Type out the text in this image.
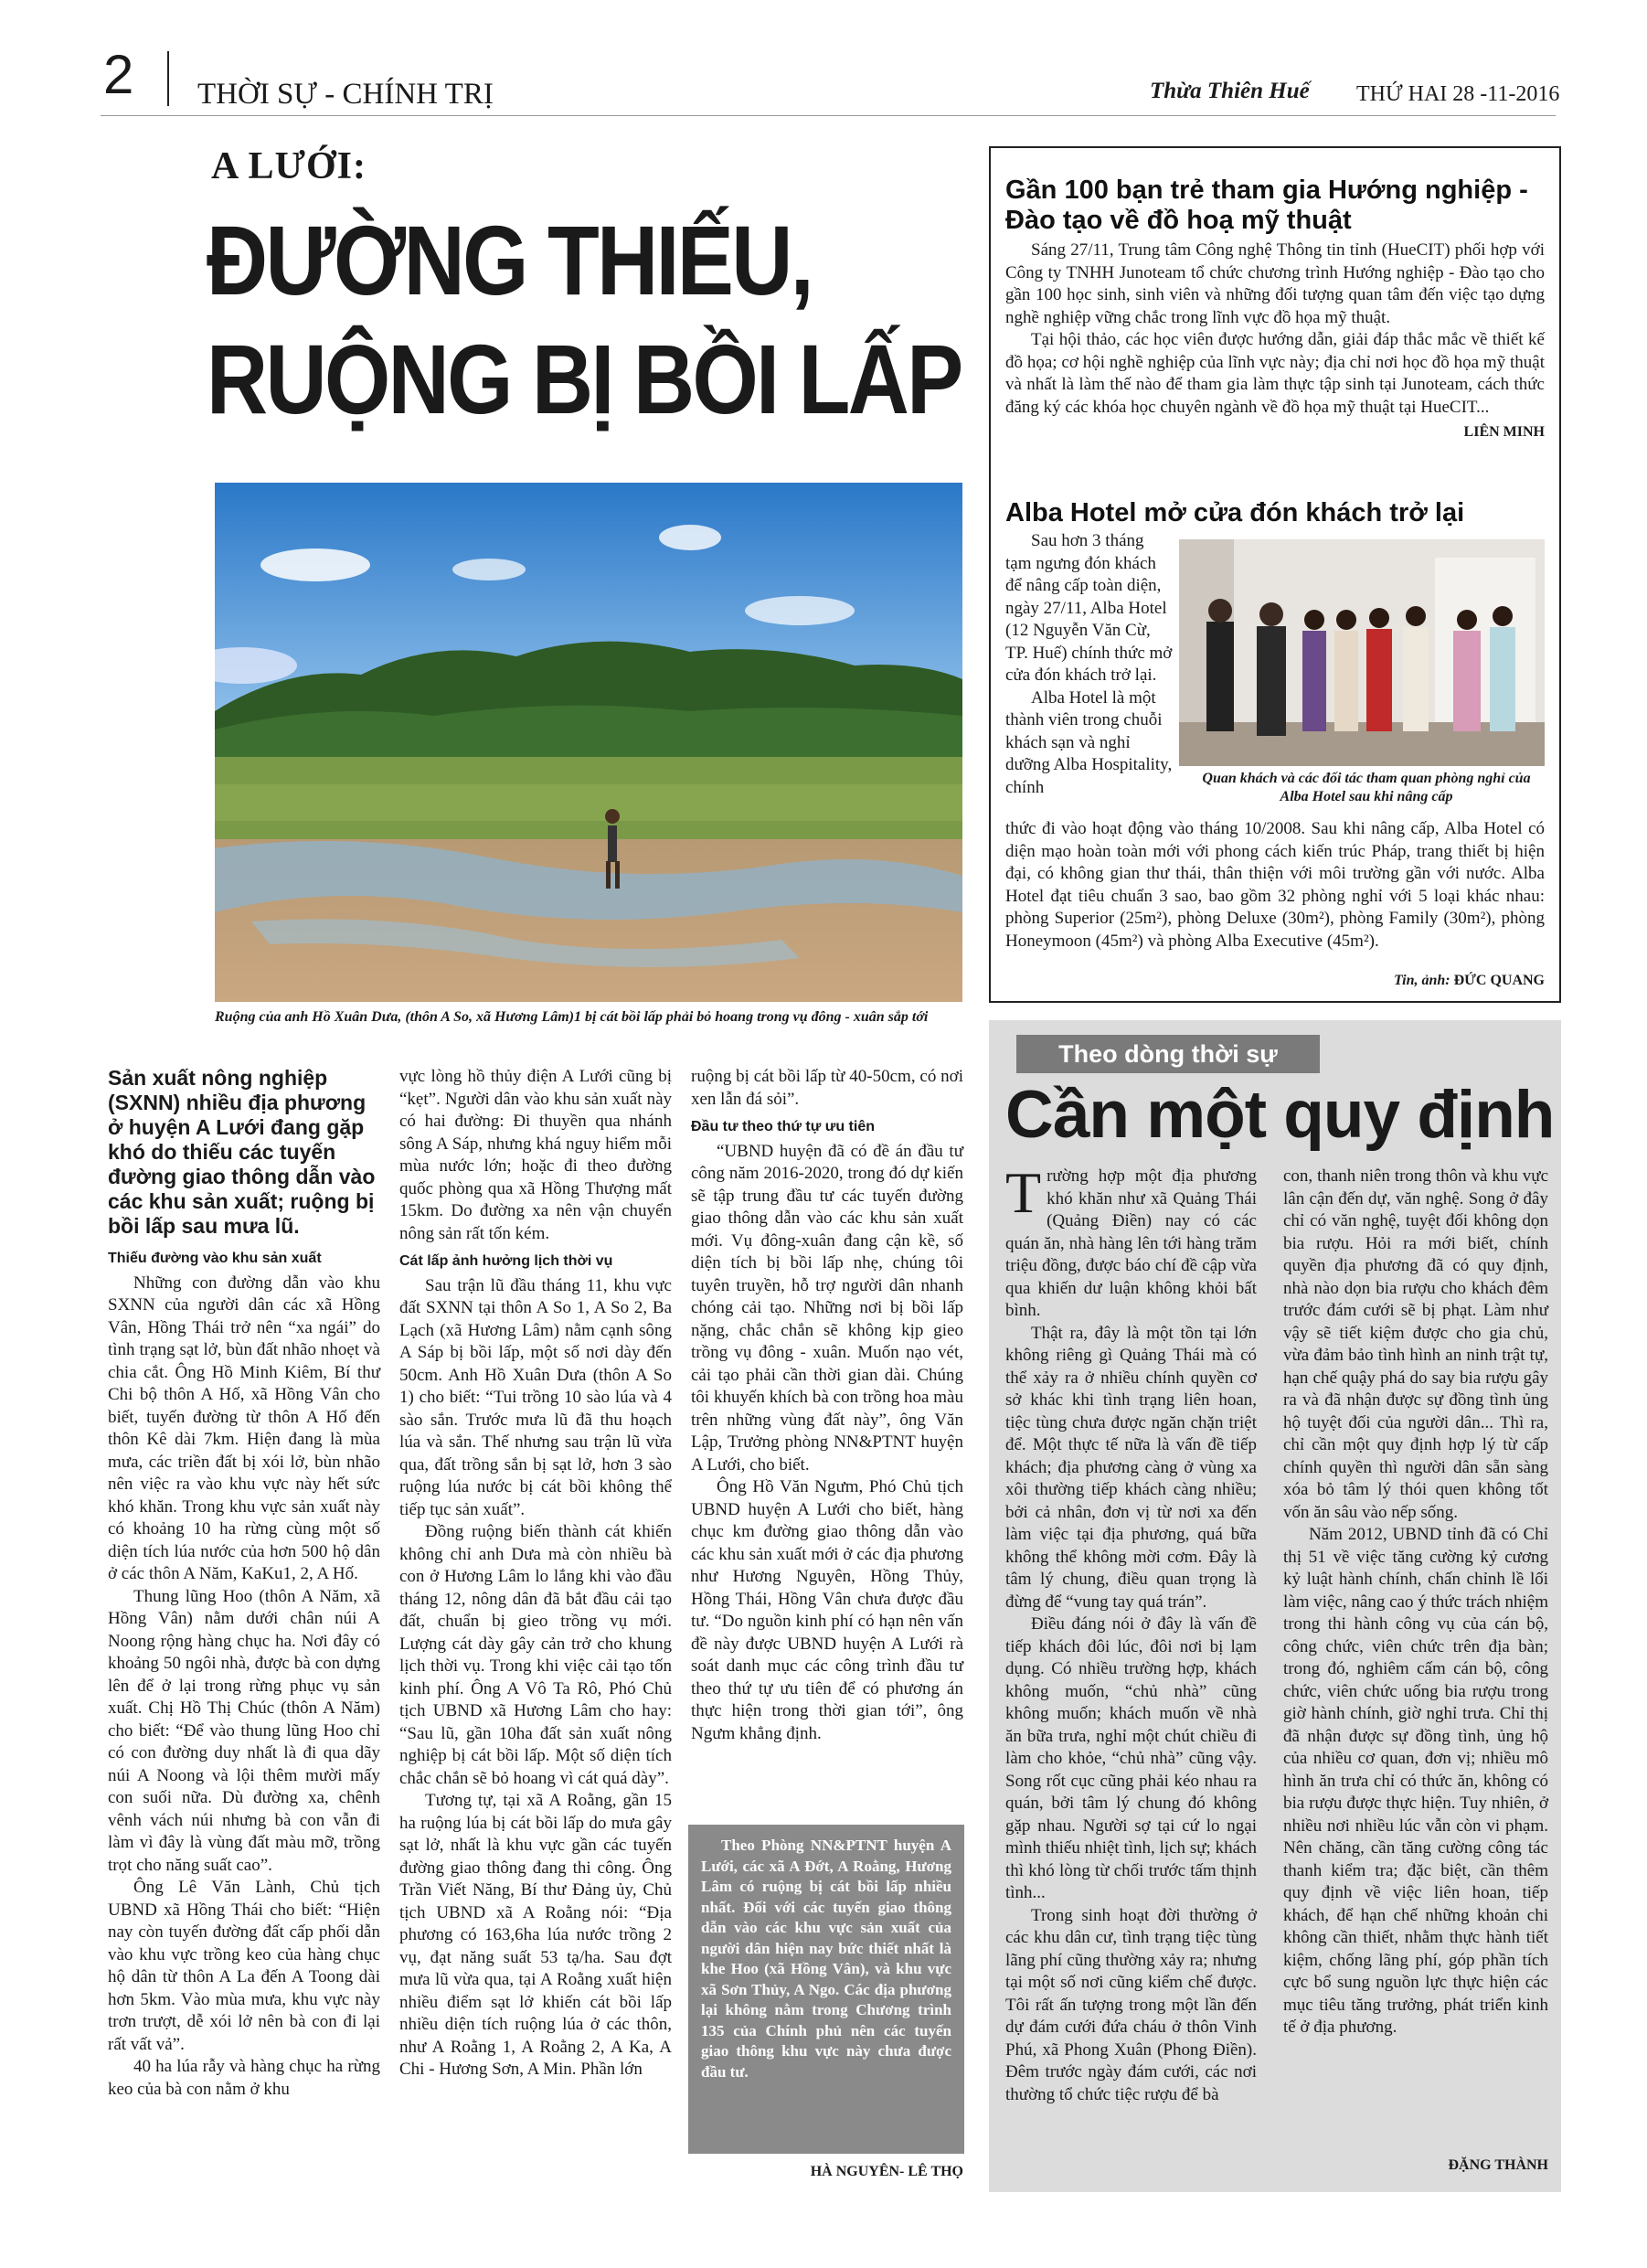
2 THỜI SỰ - CHÍNH TRỊ	Thừa Thiên Huế THỨ HAI 28 -11-2016
A LƯỚI:
ĐƯỜNG THIẾU,
RUỘNG BỊ BỒI LẤP
Ruộng của anh Hồ Xuân Dưa, (thôn A So, xã Hương Lâm)1 bị cát bồi lấp phải bỏ hoang trong vụ đông - xuân sắp tới
Sản xuất nông nghiệp (SXNN) nhiều địa phương ở huyện A Lưới đang gặp khó do thiếu các tuyến đường giao thông dẫn vào các khu sản xuất; ruộng bị bồi lấp sau mưa lũ.
Thiếu đường vào khu sản xuất

Những con đường dẫn vào khu SXNN của người dân các xã Hồng Vân, Hồng Thái trở nên “xa ngái” do tình trạng sạt lở, bùn đất nhão nhoẹt và chia cắt. Ông Hồ Minh Kiêm, Bí thư Chi bộ thôn A Hố, xã Hồng Vân cho biết, tuyến đường từ thôn A Hố đến thôn Kê dài 7km. Hiện đang là mùa mưa, các triền đất bị xói lở, bùn nhão nên việc ra vào khu vực này hết sức khó khăn. Trong khu vực sản xuất này có khoảng 10 ha rừng cùng một số diện tích lúa nước của hơn 500 hộ dân ở các thôn A Năm, KaKu1, 2, A Hố.

Thung lũng Hoo (thôn A Năm, xã Hồng Vân) nằm dưới chân núi A Noong rộng hàng chục ha. Nơi đây có khoảng 50 ngôi nhà, được bà con dựng lên để ở lại trong rừng phục vụ sản xuất. Chị Hồ Thị Chúc (thôn A Năm) cho biết: “Để vào thung lũng Hoo chỉ có con đường duy nhất là đi qua dãy núi A Noong và lội thêm mười mấy con suối nữa. Dù đường xa, chênh vênh vách núi nhưng bà con vẫn đi làm vì đây là vùng đất màu mỡ, trồng trọt cho năng suất cao”.

Ông Lê Văn Lành, Chủ tịch UBND xã Hồng Thái cho biết: “Hiện nay còn tuyến đường đất cấp phối dẫn vào khu vực trồng keo của hàng chục hộ dân từ thôn A La đến A Toong dài hơn 5km. Vào mùa mưa, khu vực này trơn trượt, dễ xói lở nên bà con đi lại rất vất vả”.

40 ha lúa rẫy và hàng chục ha rừng keo của bà con nằm ở khu

vực lòng hồ thủy điện A Lưới cũng bị “kẹt”. Người dân vào khu sản xuất này có hai đường: Đi thuyền qua nhánh sông A Sáp, nhưng khá nguy hiểm mỗi mùa nước lớn; hoặc đi theo đường quốc phòng qua xã Hồng Thượng mất 15km. Do đường xa nên vận chuyển nông sản rất tốn kém.

Cát lấp ảnh hưởng lịch thời vụ

Sau trận lũ đầu tháng 11, khu vực đất SXNN tại thôn A So 1, A So 2, Ba Lạch (xã Hương Lâm) nằm cạnh sông A Sáp bị bồi lấp, một số nơi dày đến 50cm. Anh Hồ Xuân Dưa (thôn A So 1) cho biết: “Tui trồng 10 sào lúa và 4 sào sắn. Trước mưa lũ đã thu hoạch lúa và sắn. Thế nhưng sau trận lũ vừa qua, đất trồng sắn bị sạt lở, hơn 3 sào ruộng lúa nước bị cát bồi không thể tiếp tục sản xuất”.

Đồng ruộng biến thành cát khiến không chỉ anh Dưa mà còn nhiều bà con ở Hương Lâm lo lắng khi vào đầu tháng 12, nông dân đã bắt đầu cải tạo đất, chuẩn bị gieo trồng vụ mới. Lượng cát dày gây cản trở cho khung lịch thời vụ. Trong khi việc cải tạo tốn kinh phí. Ông A Vô Ta Rô, Phó Chủ tịch UBND xã Hương Lâm cho hay: “Sau lũ, gần 10ha đất sản xuất nông nghiệp bị cát bồi lấp. Một số diện tích chắc chắn sẽ bỏ hoang vì cát quá dày”.

Tương tự, tại xã A Roằng, gần 15 ha ruộng lúa bị cát bồi lấp do mưa gây sạt lở, nhất là khu vực gần các tuyến đường giao thông đang thi công. Ông Trần Viết Năng, Bí thư Đảng ủy, Chủ tịch UBND xã A Roằng nói: “Địa phương có 163,6ha lúa nước trồng 2 vụ, đạt năng suất 53 tạ/ha. Sau đợt mưa lũ vừa qua, tại A Roằng xuất hiện nhiều điểm sạt lở khiến cát bồi lấp nhiều diện tích ruộng lúa ở các thôn, như A Roằng 1, A Roằng 2, A Ka, A Chi - Hương Sơn, A Min. Phần lớn

ruộng bị cát bồi lấp từ 40-50cm, có nơi xen lẫn đá sỏi”.

Đầu tư theo thứ tự ưu tiên

“UBND huyện đã có đề án đầu tư công năm 2016-2020, trong đó dự kiến sẽ tập trung đầu tư các tuyến đường giao thông dẫn vào các khu sản xuất mới. Vụ đông-xuân đang cận kề, số diện tích bị bồi lấp nhẹ, chúng tôi tuyên truyền, hỗ trợ người dân nhanh chóng cải tạo. Những nơi bị bồi lấp nặng, chắc chắn sẽ không kịp gieo trồng vụ đông - xuân. Muốn nạo vét, cải tạo phải cần thời gian dài. Chúng tôi khuyến khích bà con trồng hoa màu trên những vùng đất này”, ông Văn Lập, Trưởng phòng NN&PTNT huyện A Lưới, cho biết.

Ông Hồ Văn Ngưm, Phó Chủ tịch UBND huyện A Lưới cho biết, hàng chục km đường giao thông dẫn vào các khu sản xuất mới ở các địa phương như Hương Nguyên, Hồng Thủy, Hồng Thái, Hồng Vân chưa được đầu tư. “Do nguồn kinh phí có hạn nên vấn đề này được UBND huyện A Lưới rà soát danh mục các công trình đầu tư theo thứ tự ưu tiên để có phương án thực hiện trong thời gian tới”, ông Ngưm khẳng định.

Theo Phòng NN&PTNT huyện A Lưới, các xã A Đớt, A Roằng, Hương Lâm có ruộng bị cát bồi lấp nhiều nhất. Đối với các tuyến giao thông dẫn vào các khu vực sản xuất của người dân hiện nay bức thiết nhất là khe Hoo (xã Hồng Vân), và khu vực xã Sơn Thủy, A Ngo. Các địa phương lại không nằm trong Chương trình 135 của Chính phủ nên các tuyến giao thông khu vực này chưa được đầu tư.
HÀ NGUYÊN- LÊ THỌ
Gần 100 bạn trẻ tham gia Hướng nghiệp - Đào tạo về đồ hoạ mỹ thuật

Sáng 27/11, Trung tâm Công nghệ Thông tin tỉnh (HueCIT) phối hợp với Công ty TNHH Junoteam tổ chức chương trình Hướng nghiệp - Đào tạo cho gần 100 học sinh, sinh viên và những đối tượng quan tâm đến việc tạo dựng nghề nghiệp vững chắc trong lĩnh vực đồ họa mỹ thuật.

Tại hội thảo, các học viên được hướng dẫn, giải đáp thắc mắc về thiết kế đồ họa; cơ hội nghề nghiệp của lĩnh vực này; địa chỉ nơi học đồ họa mỹ thuật và nhất là làm thế nào để tham gia làm thực tập sinh tại Junoteam, cách thức đăng ký các khóa học chuyên ngành về đồ họa mỹ thuật tại HueCIT...

LIÊN MINH
Alba Hotel mở cửa đón khách trở lại

Sau hơn 3 tháng tạm ngưng đón khách để nâng cấp toàn diện, ngày 27/11, Alba Hotel (12 Nguyễn Văn Cừ, TP. Huế) chính thức mở cửa đón khách trở lại.

Alba Hotel là một thành viên trong chuỗi khách sạn và nghỉ dưỡng Alba Hospitality, chính	Quan khách và các đối tác tham quan phòng nghỉ của Alba Hotel sau khi nâng cấp
thức đi vào hoạt động vào tháng 10/2008. Sau khi nâng cấp, Alba Hotel có diện mạo hoàn toàn mới với phong cách kiến trúc Pháp, trang thiết bị hiện đại, có không gian thư thái, thân thiện với môi trường gần với nước. Alba Hotel đạt tiêu chuẩn 3 sao, bao gồm 32 phòng nghỉ với 5 loại khác nhau: phòng Superior (25m²), phòng Deluxe (30m²), phòng Family (30m²), phòng Honeymoon (45m²) và phòng Alba Executive (45m²).
Tin, ảnh: ĐỨC QUANG
Theo dòng thời sự
Cần một quy định

Trường hợp một địa phương khó khăn như xã Quảng Thái (Quảng Điền) nay có các quán ăn, nhà hàng lên tới hàng trăm triệu đồng, được báo chí đề cập vừa qua khiến dư luận không khỏi bất bình.

Thật ra, đây là một tồn tại lớn không riêng gì Quảng Thái mà có thể xảy ra ở nhiều chính quyền cơ sở khác khi tình trạng liên hoan, tiệc tùng chưa được ngăn chặn triệt để. Một thực tế nữa là vấn đề tiếp khách; địa phương càng ở vùng xa xôi thường tiếp khách càng nhiều; bởi cả nhân, đơn vị từ nơi xa đến làm việc tại địa phương, quá bữa không thể không mời cơm. Đây là tâm lý chung, điều quan trọng là đừng để “vung tay quá trán”.

Điều đáng nói ở đây là vấn đề tiếp khách đôi lúc, đôi nơi bị lạm dụng. Có nhiều trường hợp, khách không muốn, “chủ nhà” cũng không muốn; khách muốn về nhà ăn bữa trưa, nghỉ một chút chiều đi làm cho khỏe, “chủ nhà” cũng vậy. Song rốt cục cũng phải kéo nhau ra quán, bởi tâm lý chung đó không gặp nhau. Người sợ tại cứ lo ngại mình thiếu nhiệt tình, lịch sự; khách thì khó lòng từ chối trước tấm thịnh tình...

Trong sinh hoạt đời thường ở các khu dân cư, tình trạng tiệc tùng lãng phí cũng thường xảy ra; nhưng tại một số nơi cũng kiểm chế được. Tôi rất ấn tượng trong một lần đến dự đám cưới đứa cháu ở thôn Vinh Phú, xã Phong Xuân (Phong Điền). Đêm trước ngày đám cưới, các nơi thường tổ chức tiệc rượu để bà

con, thanh niên trong thôn và khu vực lân cận đến dự, văn nghệ. Song ở đây chỉ có văn nghệ, tuyệt đối không dọn bia rượu. Hỏi ra mới biết, chính quyền địa phương đã có quy định, nhà nào dọn bia rượu cho khách đêm trước đám cưới sẽ bị phạt. Làm như vậy sẽ tiết kiệm được cho gia chủ, vừa đảm bảo tình hình an ninh trật tự, hạn chế quậy phá do say bia rượu gây ra và đã nhận được sự đồng tình ủng hộ tuyệt đối của người dân... Thì ra, chỉ cần một quy định hợp lý từ cấp chính quyền thì người dân sẵn sàng xóa bỏ tâm lý thói quen không tốt vốn ăn sâu vào nếp sống.

Năm 2012, UBND tỉnh đã có Chỉ thị 51 về việc tăng cường kỷ cương kỷ luật hành chính, chấn chỉnh lề lối làm việc, nâng cao ý thức trách nhiệm trong thi hành công vụ của cán bộ, công chức, viên chức trên địa bàn; trong đó, nghiêm cấm cán bộ, công chức, viên chức uống bia rượu trong giờ hành chính, giờ nghỉ trưa. Chỉ thị đã nhận được sự đồng tình, ủng hộ của nhiều cơ quan, đơn vị; nhiều mô hình ăn trưa chỉ có thức ăn, không có bia rượu được thực hiện. Tuy nhiên, ở nhiều nơi nhiều lúc vẫn còn vi phạm. Nên chăng, cần tăng cường công tác thanh kiểm tra; đặc biệt, cần thêm quy định về việc liên hoan, tiếp khách, để hạn chế những khoản chi không cần thiết, nhằm thực hành tiết kiệm, chống lãng phí, góp phần tích cực bổ sung nguồn lực thực hiện các mục tiêu tăng trưởng, phát triển kinh tế ở địa phương.

ĐẶNG THÀNH
